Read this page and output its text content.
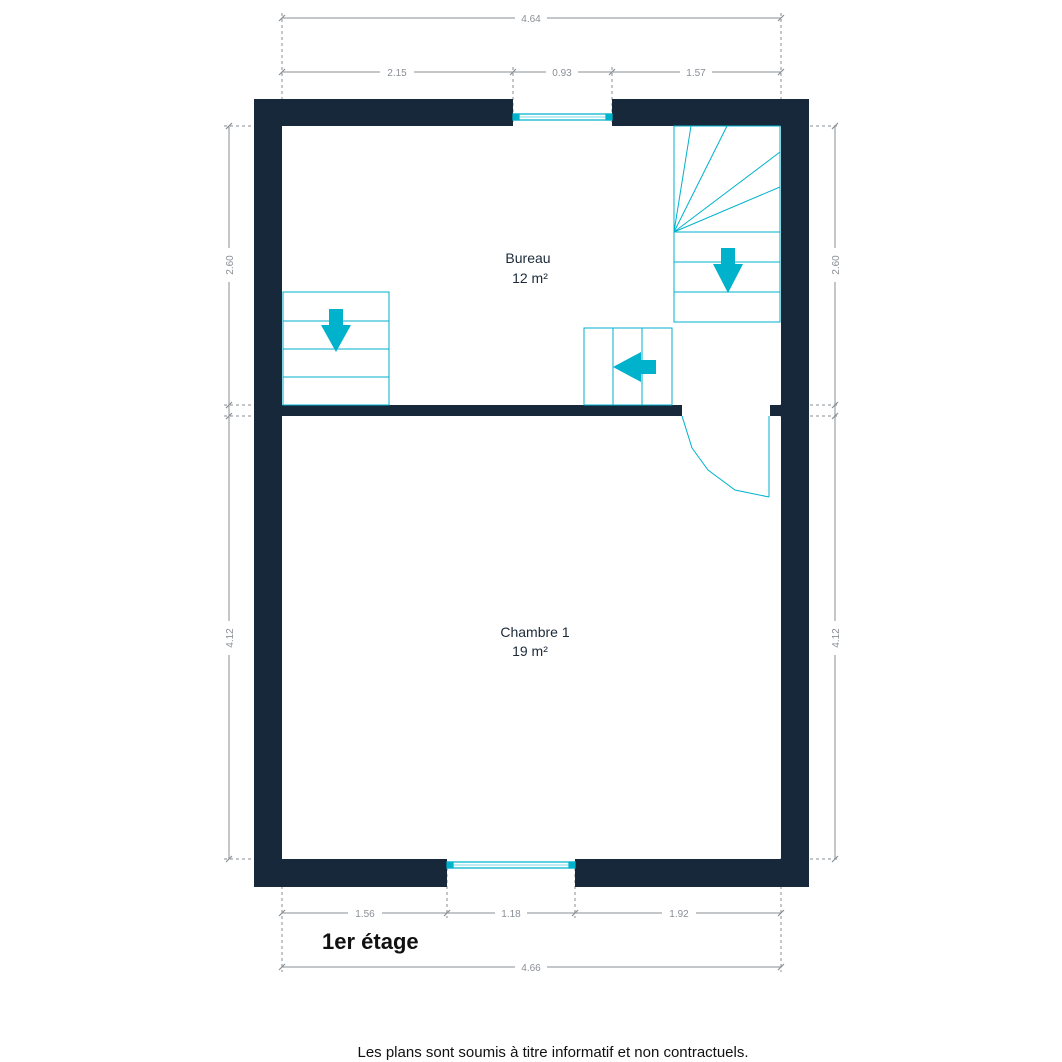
4.64
2.15	0.93	1.57
2.60
4.12
2.60
4.12
1.56	1.18	1.92
4.66
Bureau
12 m²
Chambre 1
19 m²
1er étage
Les plans sont soumis à titre informatif et non contractuels.
